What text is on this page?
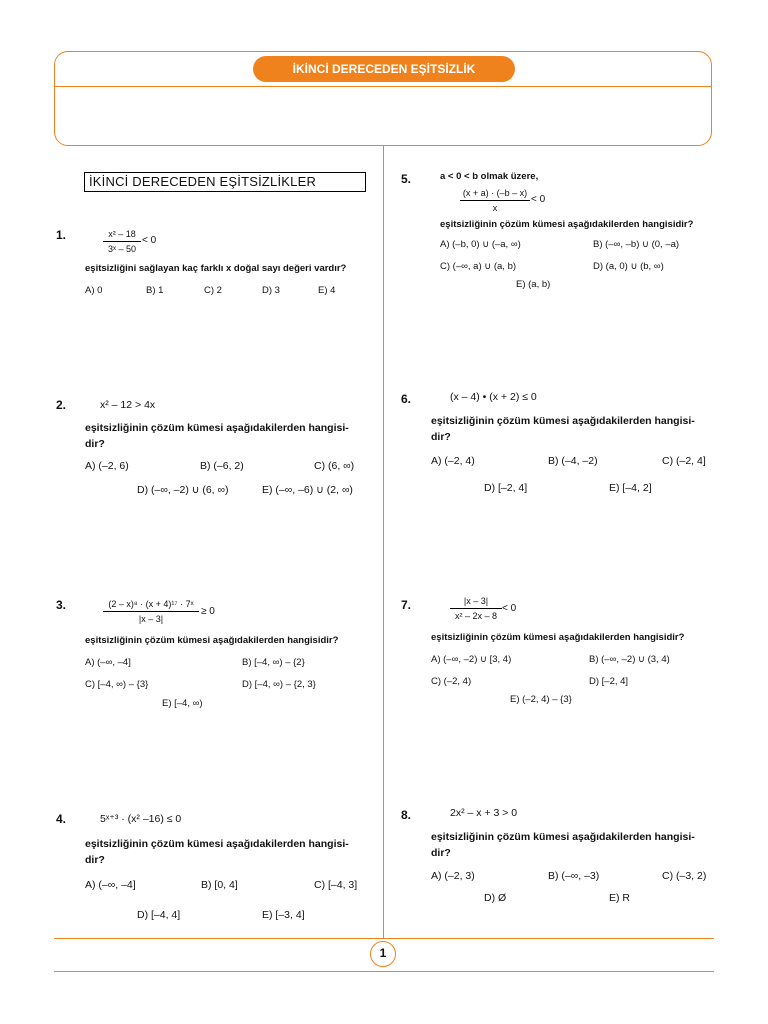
İKİNCİ DERECEDEN EŞİTSİZLİK
1
İKİNCİ DERECEDEN EŞİTSİZLİKLER
1.	x² – 18
3ˣ – 50
< 0
eşitsizliğini sağlayan kaç farklı x doğal sayı değeri vardır?
A) 0	B) 1	C) 2	D) 3	E) 4
2.	x² – 12 > 4x
eşitsizliğinin çözüm kümesi aşağıdakilerden hangisi-
dir?
A) (–2, 6)	B) (–6, 2)	C) (6, ∞)
D) (–∞, –2) ∪ (6, ∞)	E) (–∞, –6) ∪ (2, ∞)
3.	(2 – x)⁸ · (x + 4)¹⁷ · 7ˣ
|x – 3|
≥ 0
eşitsizliğinin çözüm kümesi aşağıdakilerden hangisidir?
A) (–∞, –4]	B) [–4, ∞) – {2}
C) [–4, ∞) – {3}	D) [–4, ∞) – {2, 3}
E) [–4, ∞)
4.	5ˣ⁺³ · (x² –16) ≤ 0
eşitsizliğinin çözüm kümesi aşağıdakilerden hangisi-
dir?
A) (–∞, –4]	B) [0, 4]	C) [–4, 3]
D) [–4, 4]	E) [–3, 4]
5.	a < 0 < b olmak üzere,
(x + a) · (–b – x)
x
< 0
eşitsizliğinin çözüm kümesi aşağıdakilerden hangisidir?
A) (–b, 0) ∪ (–a, ∞)	B) (–∞, –b) ∪ (0, –a)
C) (–∞, a) ∪ (a, b)	D) (a, 0) ∪ (b, ∞)
E) (a, b)
6.	(x – 4) • (x + 2) ≤ 0
eşitsizliğinin çözüm kümesi aşağıdakilerden hangisi-
dir?
A) (–2, 4)	B) (–4, –2)	C) (–2, 4]
D) [–2, 4]	E) [–4, 2]
7.	|x – 3|
x² – 2x – 8
< 0
eşitsizliğinin çözüm kümesi aşağıdakilerden hangisidir?
A) (–∞, –2) ∪ [3, 4)	B) (–∞, –2) ∪ (3, 4)
C) (–2, 4)	D) [–2, 4]
E) (–2, 4) – {3}
8.	2x² – x + 3 > 0
eşitsizliğinin çözüm kümesi aşağıdakilerden hangisi-
dir?
A) (–2, 3)	B) (–∞, –3)	C) (–3, 2)
D) Ø	E) R
